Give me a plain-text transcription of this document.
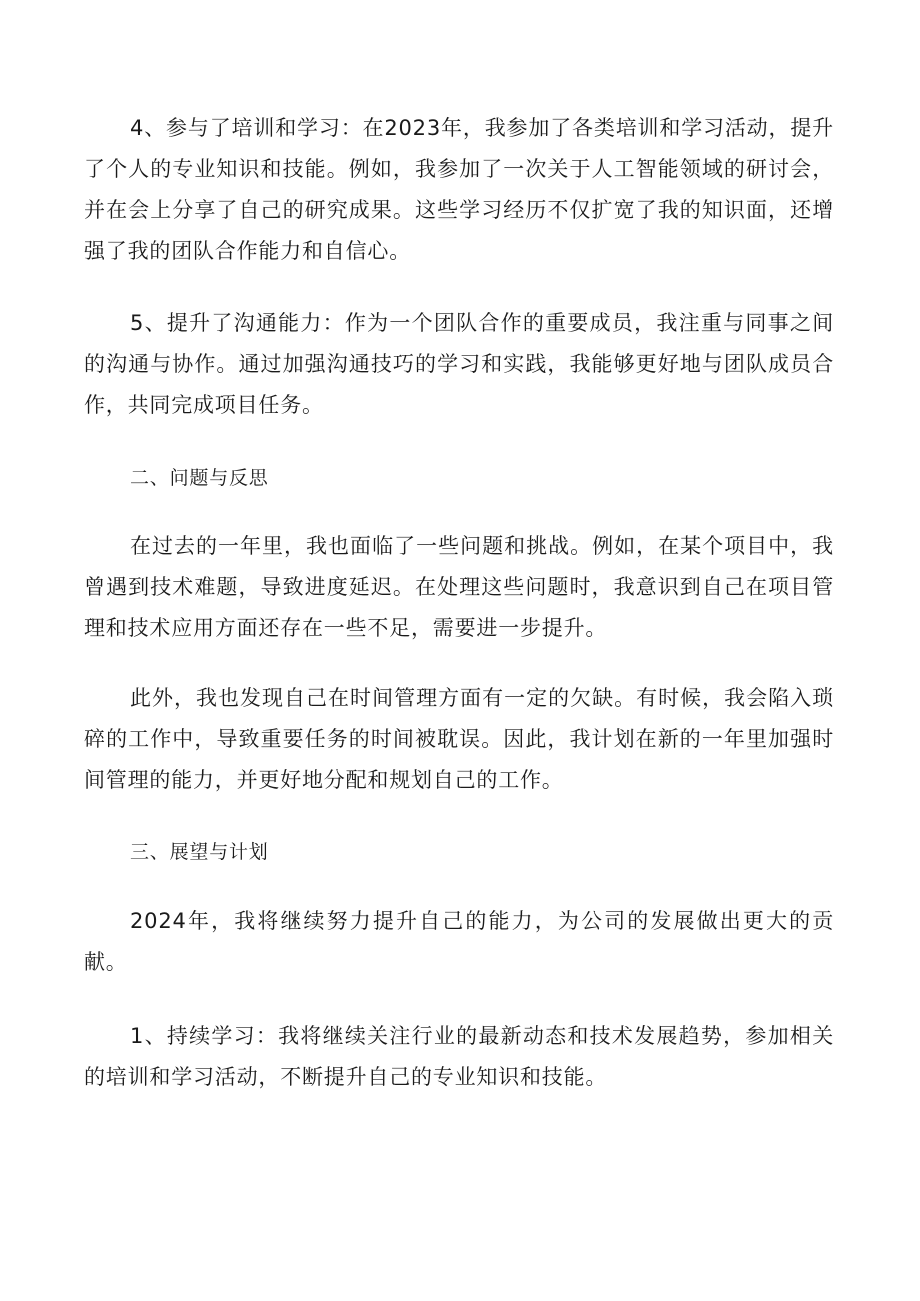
4、参与了培训和学习：在2023年，我参加了各类培训和学习活动，提升了个人的专业知识和技能。例如，我参加了一次关于人工智能领域的研讨会，并在会上分享了自己的研究成果。这些学习经历不仅扩宽了我的知识面，还增强了我的团队合作能力和自信心。

5、提升了沟通能力：作为一个团队合作的重要成员，我注重与同事之间的沟通与协作。通过加强沟通技巧的学习和实践，我能够更好地与团队成员合作，共同完成项目任务。

二、问题与反思

在过去的一年里，我也面临了一些问题和挑战。例如，在某个项目中，我曾遇到技术难题，导致进度延迟。在处理这些问题时，我意识到自己在项目管理和技术应用方面还存在一些不足，需要进一步提升。

此外，我也发现自己在时间管理方面有一定的欠缺。有时候，我会陷入琐碎的工作中，导致重要任务的时间被耽误。因此，我计划在新的一年里加强时间管理的能力，并更好地分配和规划自己的工作。

三、展望与计划

2024年，我将继续努力提升自己的能力，为公司的发展做出更大的贡献。

1、持续学习：我将继续关注行业的最新动态和技术发展趋势，参加相关的培训和学习活动，不断提升自己的专业知识和技能。
